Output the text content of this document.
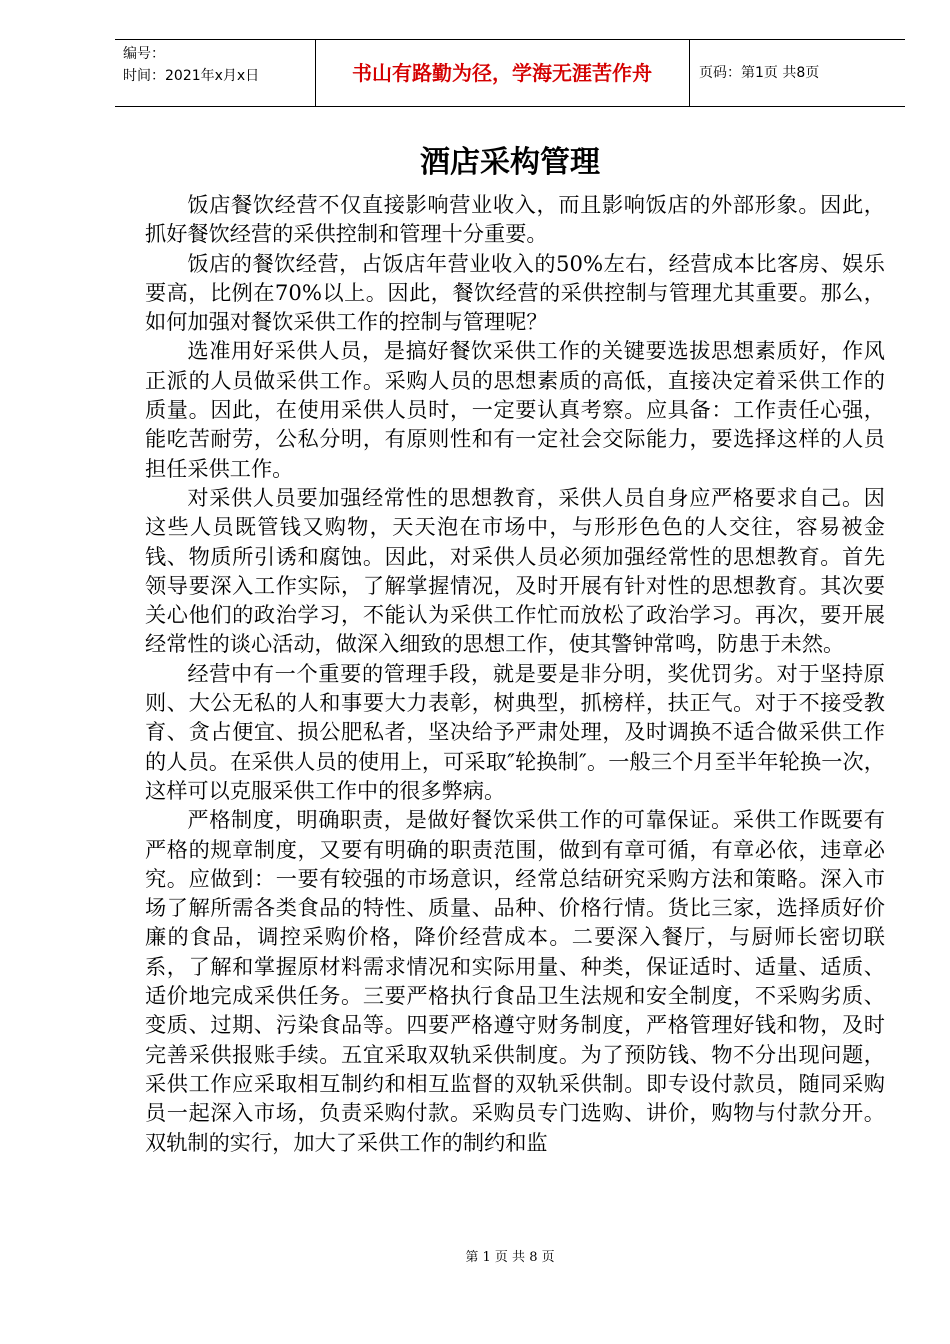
编号：
时间：2021年x月x日	书山有路勤为径，学海无涯苦作舟	页码：第1页 共8页
酒店采构管理

饭店餐饮经营不仅直接影响营业收入，而且影响饭店的外部形象。因此，抓好餐饮经营的采供控制和管理十分重要。

饭店的餐饮经营，占饭店年营业收入的50%左右，经营成本比客房、娱乐要高，比例在70%以上。因此，餐饮经营的采供控制与管理尤其重要。那么，如何加强对餐饮采供工作的控制与管理呢？

选准用好采供人员，是搞好餐饮采供工作的关键要选拔思想素质好，作风正派的人员做采供工作。采购人员的思想素质的高低，直接决定着采供工作的质量。因此，在使用采供人员时，一定要认真考察。应具备：工作责任心强，能吃苦耐劳，公私分明，有原则性和有一定社会交际能力，要选择这样的人员担任采供工作。

对采供人员要加强经常性的思想教育，采供人员自身应严格要求自己。因这些人员既管钱又购物，天天泡在市场中，与形形色色的人交往，容易被金钱、物质所引诱和腐蚀。因此，对采供人员必须加强经常性的思想教育。首先领导要深入工作实际，了解掌握情况，及时开展有针对性的思想教育。其次要关心他们的政治学习，不能认为采供工作忙而放松了政治学习。再次，要开展经常性的谈心活动，做深入细致的思想工作，使其警钟常鸣，防患于未然。

经营中有一个重要的管理手段，就是要是非分明，奖优罚劣。对于坚持原则、大公无私的人和事要大力表彰，树典型，抓榜样，扶正气。对于不接受教育、贪占便宜、损公肥私者，坚决给予严肃处理，及时调换不适合做采供工作的人员。在采供人员的使用上，可采取″轮换制″。一般三个月至半年轮换一次，这样可以克服采供工作中的很多弊病。

严格制度，明确职责，是做好餐饮采供工作的可靠保证。采供工作既要有严格的规章制度，又要有明确的职责范围，做到有章可循，有章必依，违章必究。应做到：一要有较强的市场意识，经常总结研究采购方法和策略。深入市场了解所需各类食品的特性、质量、品种、价格行情。货比三家，选择质好价廉的食品，调控采购价格，降价经营成本。二要深入餐厅，与厨师长密切联系，了解和掌握原材料需求情况和实际用量、种类，保证适时、适量、适质、适价地完成采供任务。三要严格执行食品卫生法规和安全制度，不采购劣质、变质、过期、污染食品等。四要严格遵守财务制度，严格管理好钱和物，及时完善采供报账手续。五宜采取双轨采供制度。为了预防钱、物不分出现问题，采供工作应采取相互制约和相互监督的双轨采供制。即专设付款员，随同采购员一起深入市场，负责采购付款。采购员专门选购、讲价，购物与付款分开。双轨制的实行，加大了采供工作的制约和监

第 1 页 共 8 页
